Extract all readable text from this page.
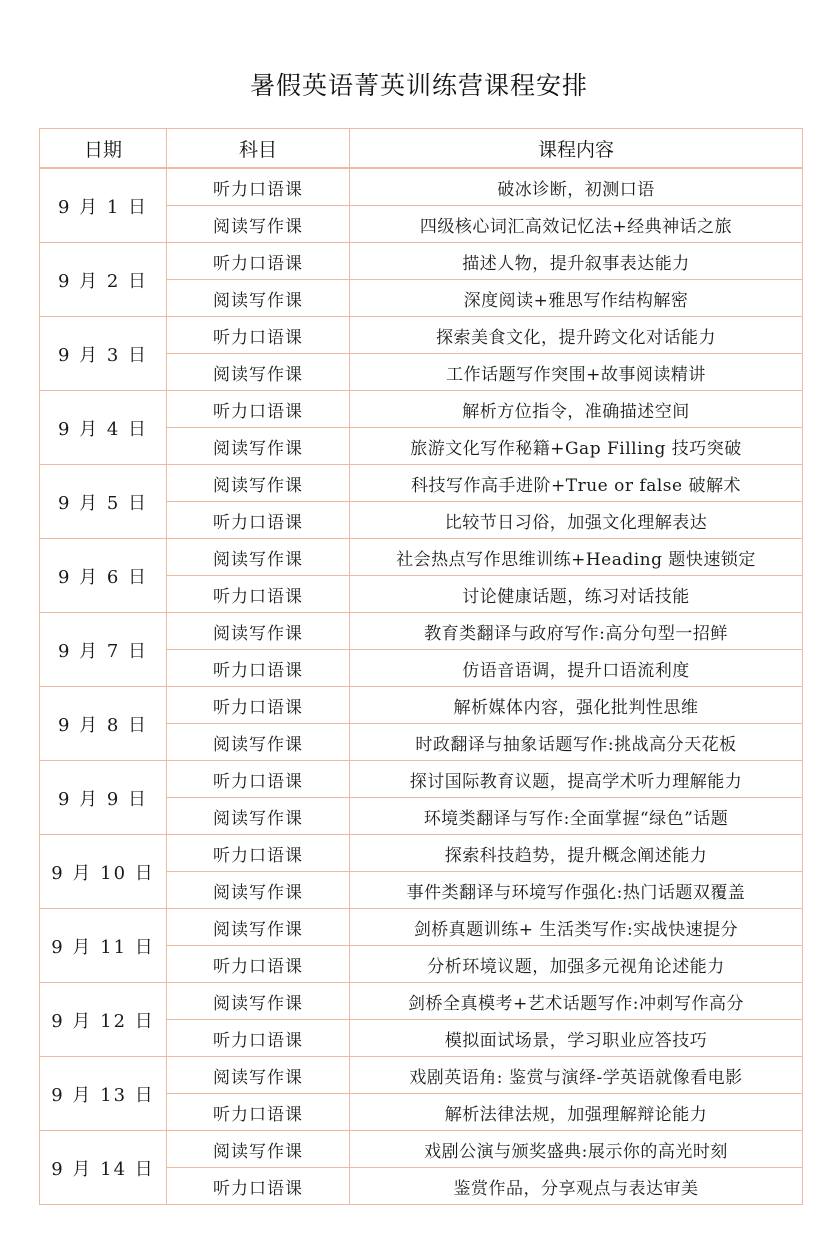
暑假英语菁英训练营课程安排
日期	科目	课程内容
9 月 1 日	听力口语课	破冰诊断，初测口语
	阅读写作课	四级核心词汇高效记忆法+经典神话之旅
9 月 2 日	听力口语课	描述人物，提升叙事表达能力
	阅读写作课	深度阅读+雅思写作结构解密
9 月 3 日	听力口语课	探索美食文化，提升跨文化对话能力
	阅读写作课	工作话题写作突围+故事阅读精讲
9 月 4 日	听力口语课	解析方位指令，准确描述空间
	阅读写作课	旅游文化写作秘籍+Gap Filling 技巧突破
9 月 5 日	阅读写作课	科技写作高手进阶+True or false 破解术
	听力口语课	比较节日习俗，加强文化理解表达
9 月 6 日	阅读写作课	社会热点写作思维训练+Heading 题快速锁定
	听力口语课	讨论健康话题，练习对话技能
9 月 7 日	阅读写作课	教育类翻译与政府写作:高分句型一招鲜
	听力口语课	仿语音语调，提升口语流利度
9 月 8 日	听力口语课	解析媒体内容，强化批判性思维
	阅读写作课	时政翻译与抽象话题写作:挑战高分天花板
9 月 9 日	听力口语课	探讨国际教育议题，提高学术听力理解能力
	阅读写作课	环境类翻译与写作:全面掌握“绿色”话题
9 月 10 日	听力口语课	探索科技趋势，提升概念阐述能力
	阅读写作课	事件类翻译与环境写作强化:热门话题双覆盖
9 月 11 日	阅读写作课	剑桥真题训练+ 生活类写作:实战快速提分
	听力口语课	分析环境议题，加强多元视角论述能力
9 月 12 日	阅读写作课	剑桥全真模考+艺术话题写作:冲刺写作高分
	听力口语课	模拟面试场景，学习职业应答技巧
9 月 13 日	阅读写作课	戏剧英语角: 鉴赏与演绎-学英语就像看电影
	听力口语课	解析法律法规，加强理解辩论能力
9 月 14 日	阅读写作课	戏剧公演与颁奖盛典:展示你的高光时刻
	听力口语课	鉴赏作品，分享观点与表达审美
